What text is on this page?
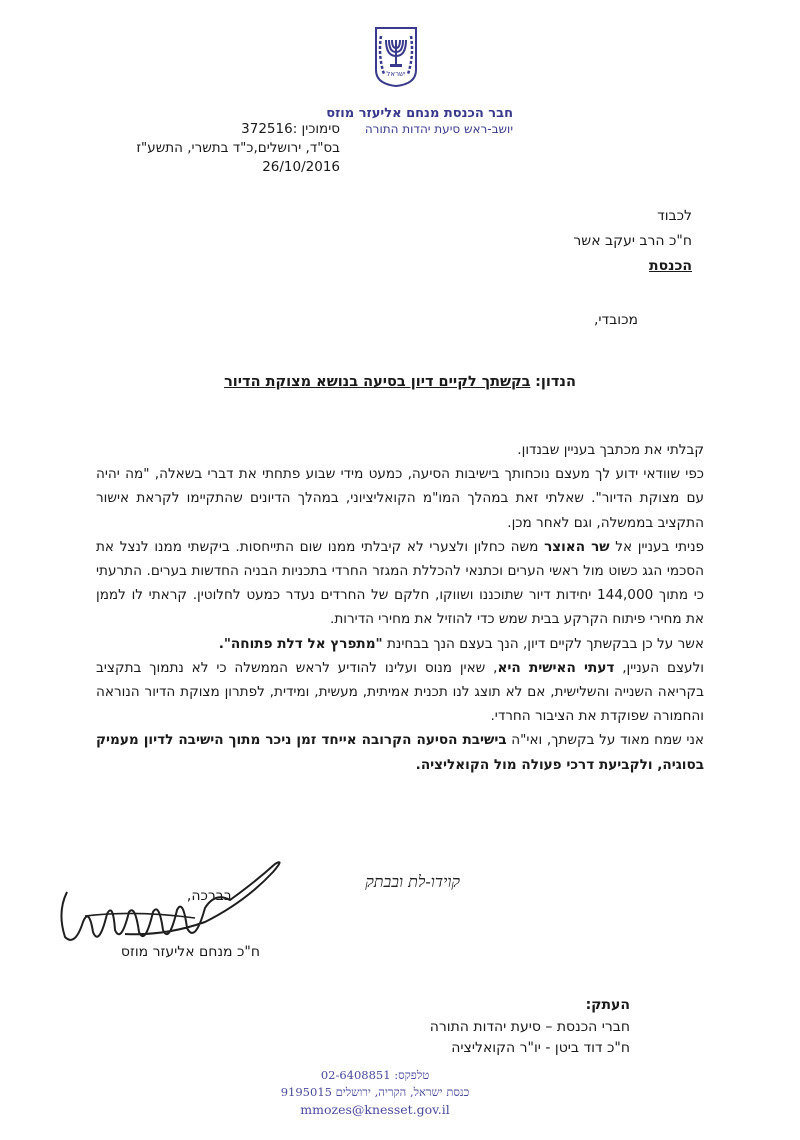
ישראל
חבר הכנסת מנחם אליעזר מוזס
יושב-ראש סיעת יהדות התורה
סימוכין :372516
בס"ד, ירושלים,כ"ד בתשרי, התשע"ז
26/10/2016
לכבוד
ח"כ הרב יעקב אשר
הכנסת
מכובדי,
הנדון: בקשתך לקיים דיון בסיעה בנושא מצוקת הדיור

קבלתי את מכתבך בעניין שבנדון.

כפי שוודאי ידוע לך מעצם נוכחותך בישיבות הסיעה, כמעט מידי שבוע פתחתי את דברי בשאלה, "מה יהיה עם מצוקת הדיור". שאלתי זאת במהלך המו"מ הקואליציוני, במהלך הדיונים שהתקיימו לקראת אישור התקציב בממשלה, וגם לאחר מכן.

פניתי בעניין אל שר האוצר משה כחלון ולצערי לא קיבלתי ממנו שום התייחסות. ביקשתי ממנו לנצל את הסכמי הגג כשוט מול ראשי הערים וכתנאי להכללת המגזר החרדי בתכניות הבניה החדשות בערים. התרעתי כי מתוך 144,000 יחידות דיור שתוכננו ושווקו, חלקם של החרדים נעדר כמעט לחלוטין. קראתי לו לממן את מחירי פיתוח הקרקע בבית שמש כדי להוזיל את מחירי הדירות.

אשר על כן בבקשתך לקיים דיון, הנך בעצם הנך בבחינת "מתפרץ אל דלת פתוחה".

ולעצם העניין, דעתי האישית היא, שאין מנוס ועלינו להודיע לראש הממשלה כי לא נתמוך בתקציב בקריאה השנייה והשלישית, אם לא תוצג לנו תכנית אמיתית, מעשית, ומידית, לפתרון מצוקת הדיור הנוראה והחמורה שפוקדת את הציבור החרדי.

אני שמח מאוד על בקשתך, ואי"ה בישיבת הסיעה הקרובה אייחד זמן ניכר מתוך הישיבה לדיון מעמיק בסוגיה, ולקביעת דרכי פעולה מול הקואליציה.

קוידו-לת ובבתק
בברכה,
ח"כ מנחם אליעזר מוזס
העתק:
חברי הכנסת – סיעת יהדות התורה
ח"כ דוד ביטן - יו"ר הקואליציה
טלפקס: 02-6408851
כנסת ישראל, הקריה, ירושלים 9195015
mmozes@knesset.gov.il
